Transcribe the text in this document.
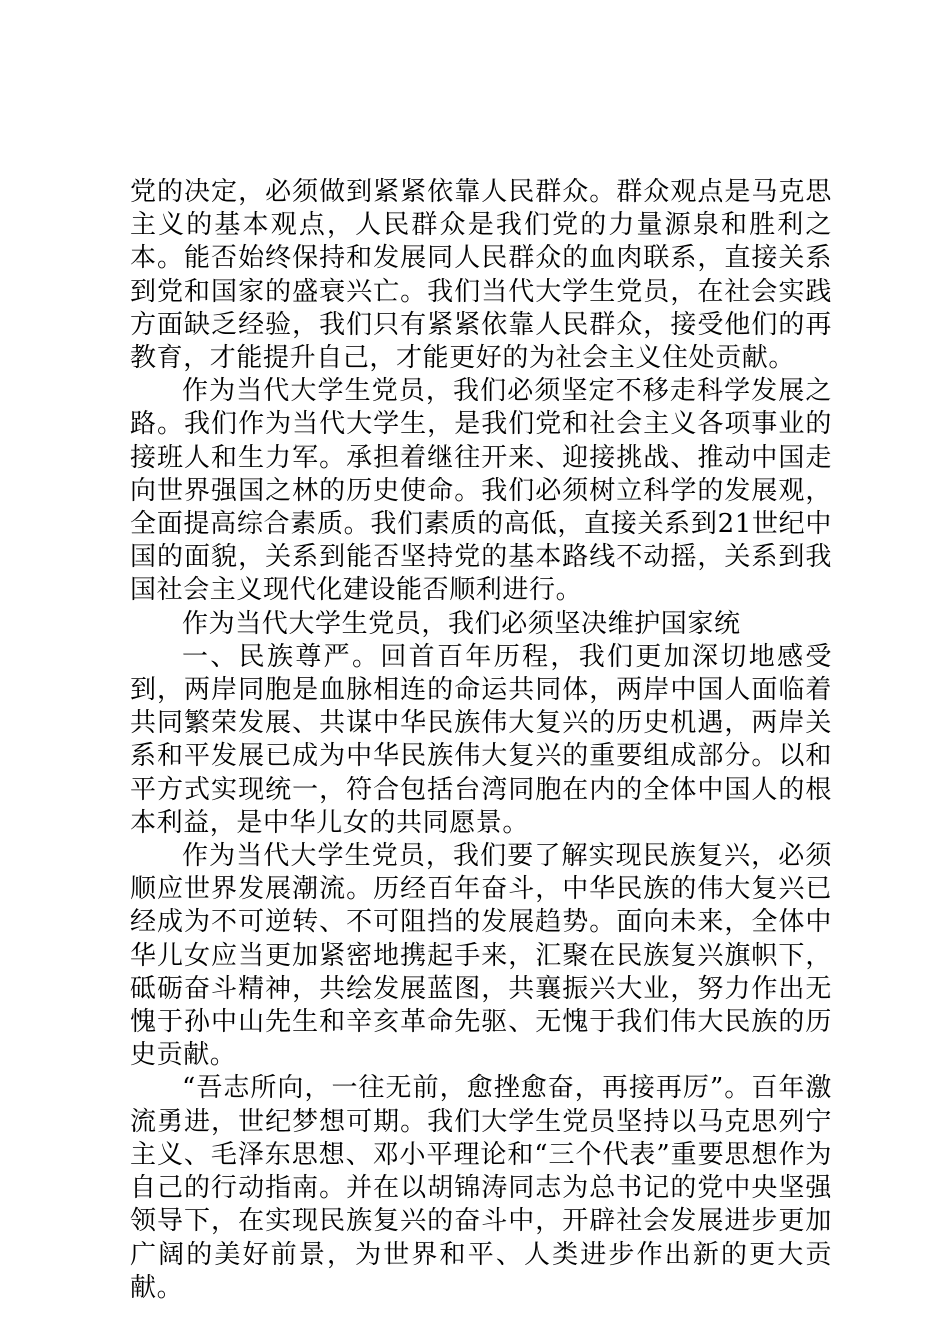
党的决定，必须做到紧紧依靠人民群众。群众观点是马克思主义的基本观点，人民群众是我们党的力量源泉和胜利之本。能否始终保持和发展同人民群众的血肉联系，直接关系到党和国家的盛衰兴亡。我们当代大学生党员，在社会实践方面缺乏经验，我们只有紧紧依靠人民群众，接受他们的再教育，才能提升自己，才能更好的为社会主义住处贡献。

作为当代大学生党员，我们必须坚定不移走科学发展之路。我们作为当代大学生，是我们党和社会主义各项事业的接班人和生力军。承担着继往开来、迎接挑战、推动中国走向世界强国之林的历史使命。我们必须树立科学的发展观，全面提高综合素质。我们素质的高低，直接关系到21世纪中国的面貌，关系到能否坚持党的基本路线不动摇，关系到我国社会主义现代化建设能否顺利进行。

作为当代大学生党员，我们必须坚决维护国家统

一、民族尊严。回首百年历程，我们更加深切地感受到，两岸同胞是血脉相连的命运共同体，两岸中国人面临着共同繁荣发展、共谋中华民族伟大复兴的历史机遇，两岸关系和平发展已成为中华民族伟大复兴的重要组成部分。以和平方式实现统一，符合包括台湾同胞在内的全体中国人的根本利益，是中华儿女的共同愿景。

作为当代大学生党员，我们要了解实现民族复兴，必须顺应世界发展潮流。历经百年奋斗，中华民族的伟大复兴已经成为不可逆转、不可阻挡的发展趋势。面向未来，全体中华儿女应当更加紧密地携起手来，汇聚在民族复兴旗帜下，砥砺奋斗精神，共绘发展蓝图，共襄振兴大业，努力作出无愧于孙中山先生和辛亥革命先驱、无愧于我们伟大民族的历史贡献。

“吾志所向，一往无前，愈挫愈奋，再接再厉”。百年激流勇进，世纪梦想可期。我们大学生党员坚持以马克思列宁主义、毛泽东思想、邓小平理论和“三个代表”重要思想作为自己的行动指南。并在以胡锦涛同志为总书记的党中央坚强领导下，在实现民族复兴的奋斗中，开辟社会发展进步更加广阔的美好前景，为世界和平、人类进步作出新的更大贡献。
